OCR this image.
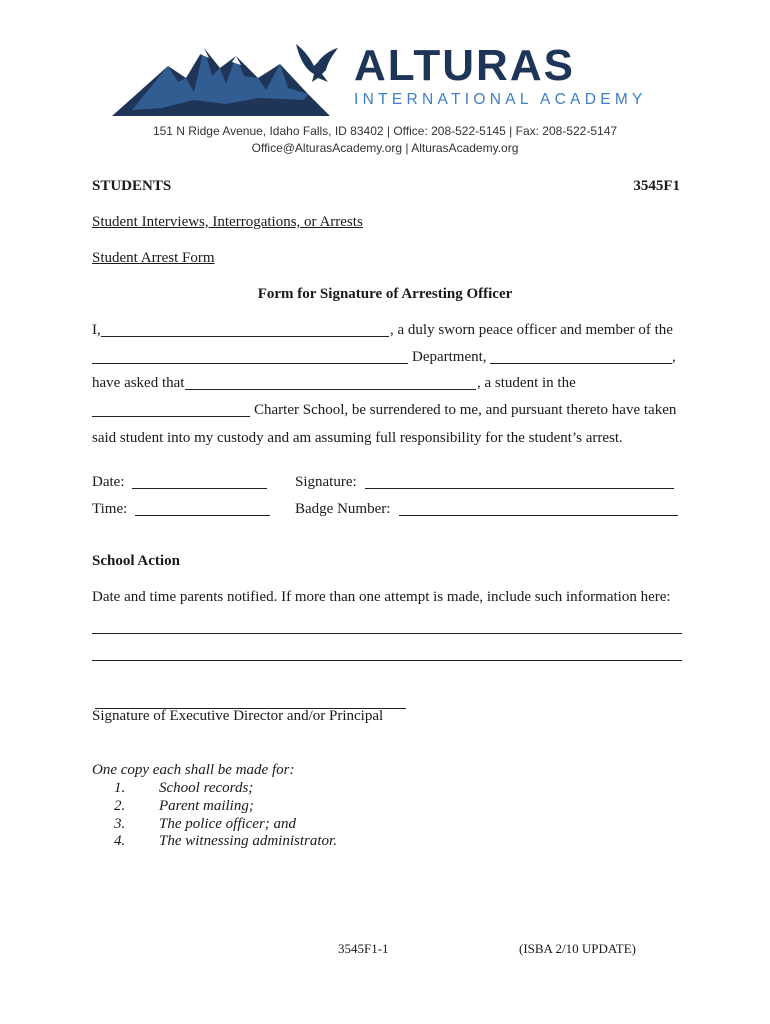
ALTURAS
INTERNATIONAL ACADEMY
151 N Ridge Avenue, Idaho Falls, ID 83402 | Office: 208-522-5145 | Fax: 208-522-5147
Office@AlturasAcademy.org | AlturasAcademy.org
STUDENTS	3545F1
Student Interviews, Interrogations, or Arrests
Student Arrest Form
Form for Signature of Arresting Officer
I,	, a duly sworn peace officer and member of the
Department,	,
have asked that	, a student in the
Charter School, be surrendered to me, and pursuant thereto have taken
said student into my custody and am assuming full responsibility for the student’s arrest.
Date:	Signature:
Time:	Badge Number:
School Action
Date and time parents notified. If more than one attempt is made, include such information here:
Signature of Executive Director and/or Principal
One copy each shall be made for:
1. School records;
2. Parent mailing;
3. The police officer; and
4. The witnessing administrator.
3545F1-1	(ISBA 2/10 UPDATE)
